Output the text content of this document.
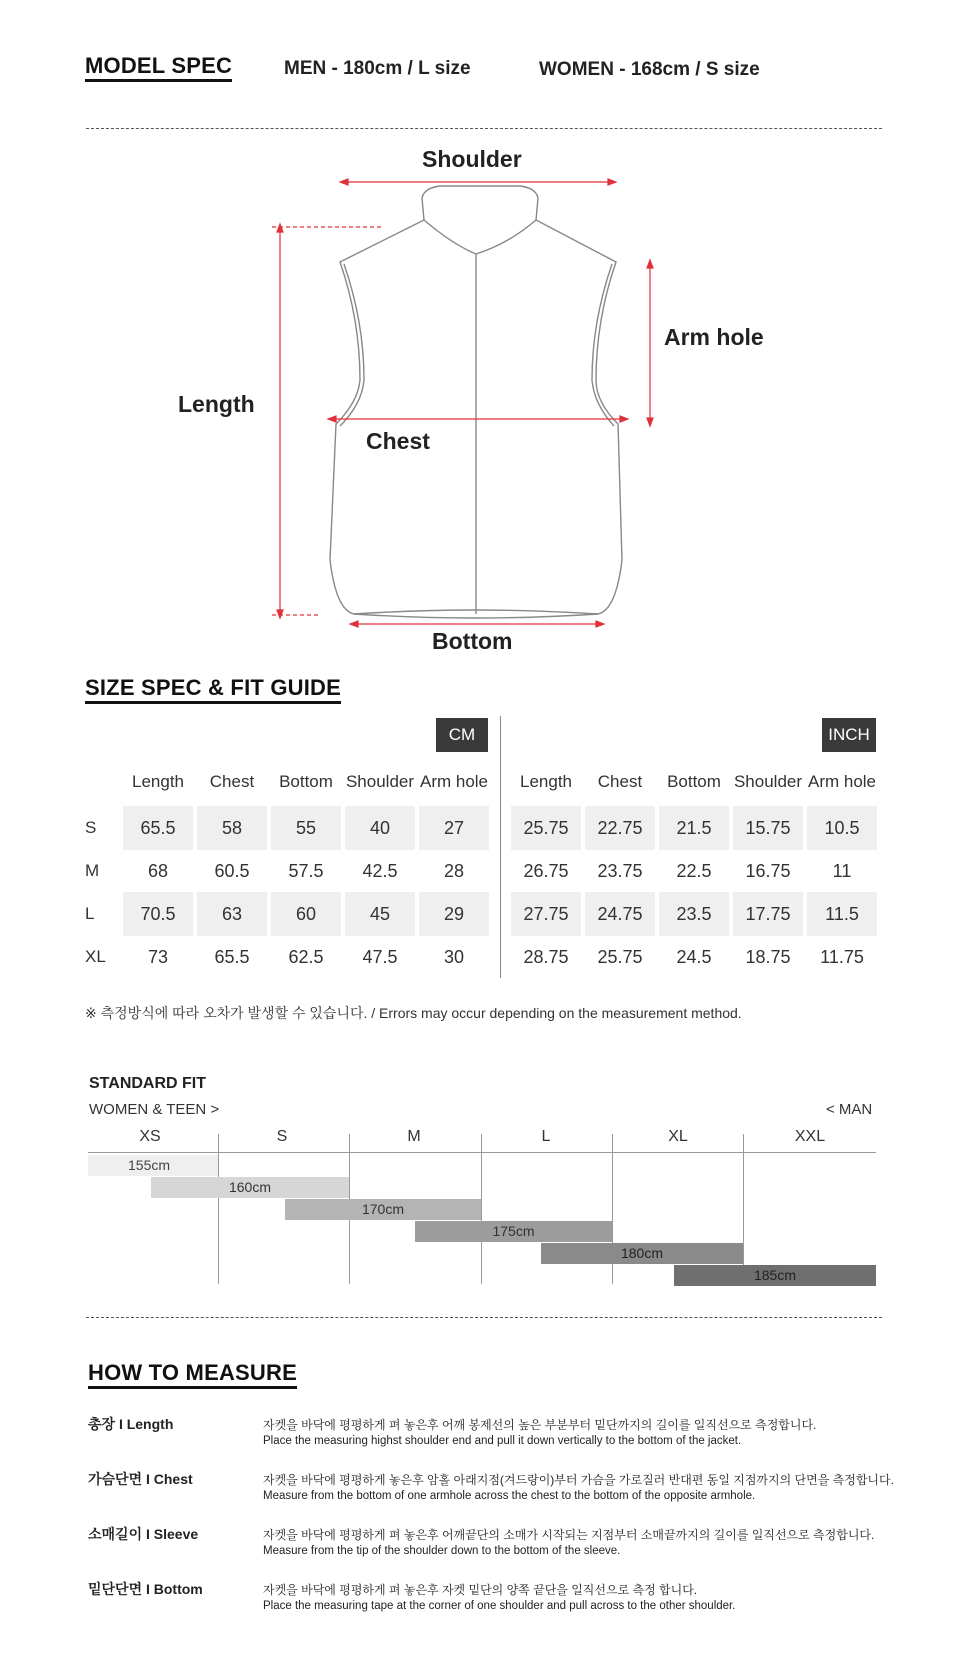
MODEL SPEC	MEN - 180cm / L size	WOMEN - 168cm / S size
Shoulder
Arm hole
Length
Chest
Bottom
SIZE SPEC & FIT GUIDE
CM	INCH
Length	Chest	Bottom Shoulder Arm hole	Length	Chest	Bottom Shoulder Arm hole
S	65.5	58	55	40	27	25.75	22.75	21.5	15.75	10.5
M	68	60.5	57.5	42.5	28	26.75	23.75	22.5	16.75	11
L	70.5	63	60	45	29	27.75	24.75	23.5	17.75	11.5
XL	73	65.5	62.5	47.5	30	28.75	25.75	24.5	18.75	11.75
※ 측정방식에 따라 오차가 발생할 수 있습니다. / Errors may occur depending on the measurement method.
STANDARD FIT
WOMEN & TEEN >	< MAN
XS	S	M	L	XL	XXL
155cm
160cm
170cm
175cm
180cm
185cm
HOW TO MEASURE
총장 I Length	자켓을 바닥에 평평하게 펴 놓은후 어깨 봉제선의 높은 부분부터 밑단까지의 길이를 일직선으로 측정합니다.
Place the measuring highst shoulder end and pull it down vertically to the bottom of the jacket.
가슴단면 I Chest	자켓을 바닥에 평평하게 놓은후 암홀 아래지점(겨드랑이)부터 가슴을 가로질러 반대편 동일 지점까지의 단면을 측정합니다.
Measure from the bottom of one armhole across the chest to the bottom of the opposite armhole.
소매길이 I Sleeve	자켓을 바닥에 평평하게 펴 놓은후 어깨끝단의 소매가 시작되는 지점부터 소매끝까지의 길이를 일직선으로 측정합니다.
Measure from the tip of the shoulder down to the bottom of the sleeve.
밑단단면 I Bottom	자켓을 바닥에 평평하게 펴 놓은후 자켓 밑단의 양쪽 끝단을 일직선으로 측정 합니다.
Place the measuring tape at the corner of one shoulder and pull across to the other shoulder.
